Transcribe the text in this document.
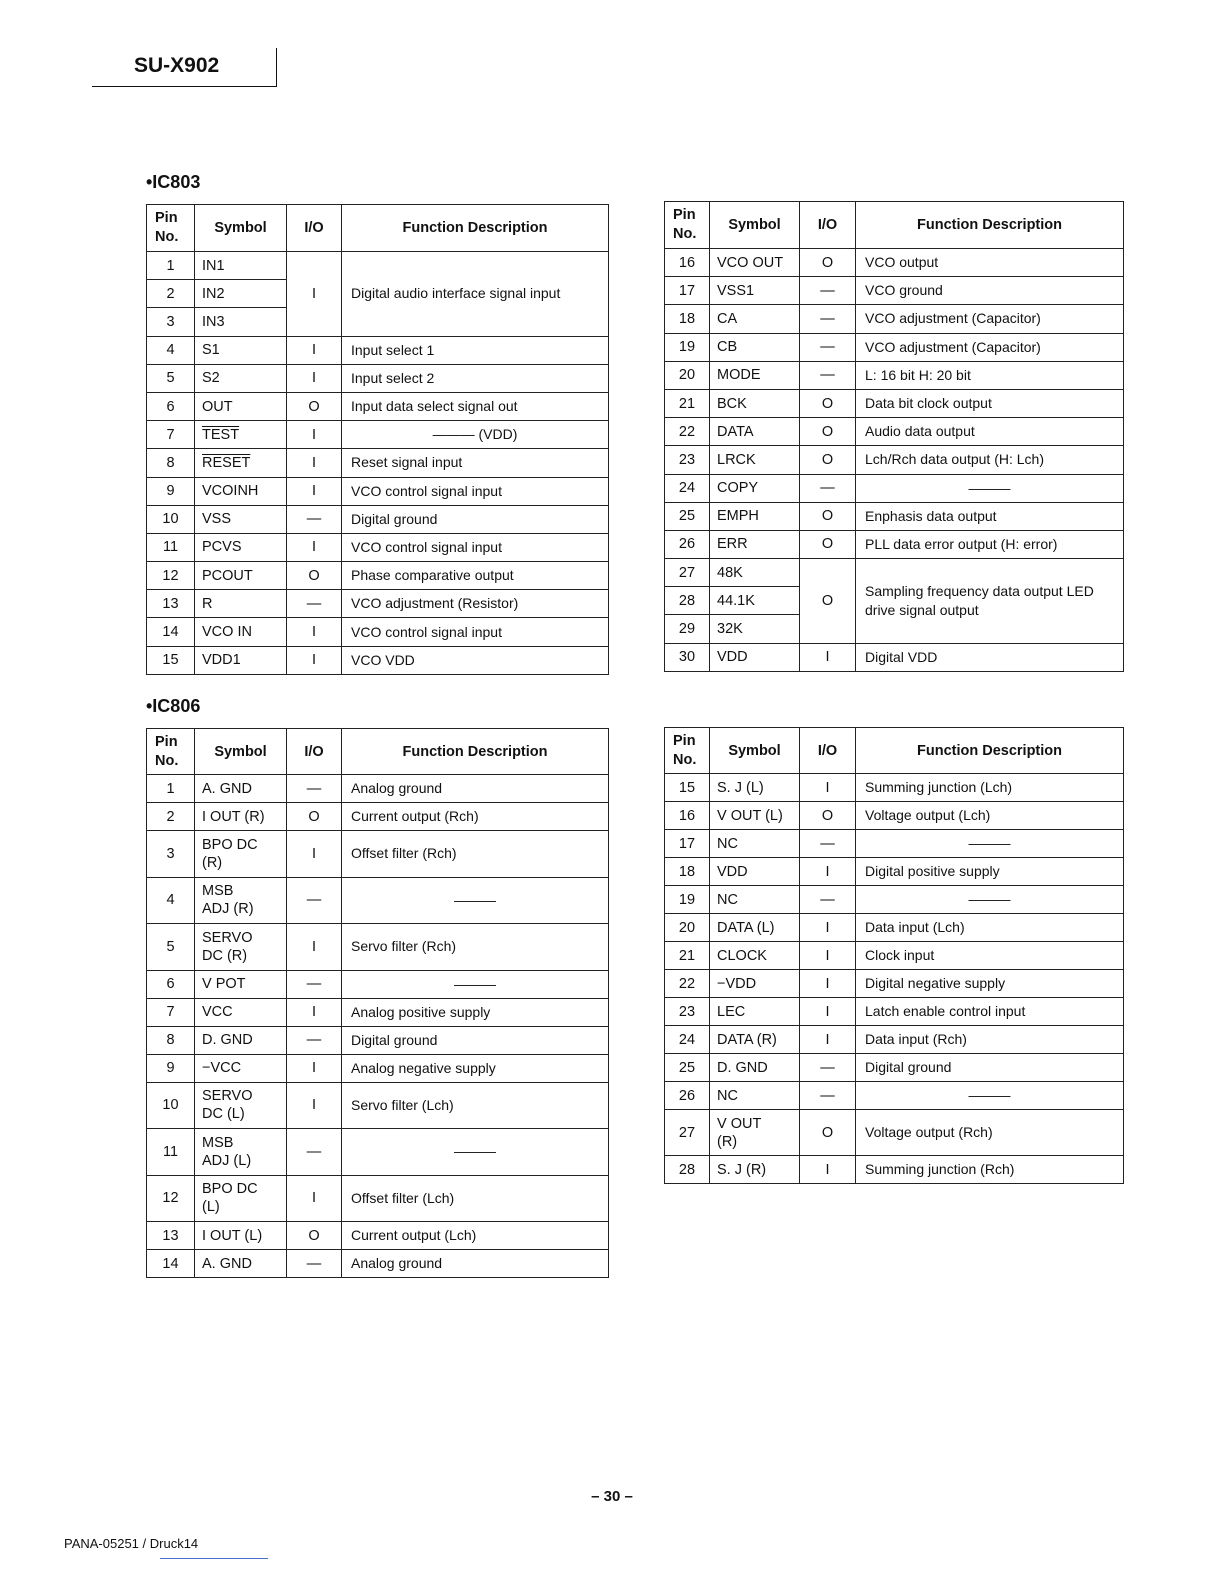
SU-X902
•IC803
Pin
No.	Symbol	I/O	Function Description
1	IN1	I	Digital audio interface signal input
2	IN2		
3	IN3		
4	S1	I	Input select 1
5	S2	I	Input select 2
6	OUT	O	Input data select signal out
7	TEST	I	——— (VDD)
8	RESET	I	Reset signal input
9	VCOINH	I	VCO control signal input
10	VSS	—	Digital ground
11	PCVS	I	VCO control signal input
12	PCOUT	O	Phase comparative output
13	R	—	VCO adjustment (Resistor)
14	VCO IN	I	VCO control signal input
15	VDD1	I	VCO VDD
Pin
No.	Symbol	I/O	Function Description
16	VCO OUT	O	VCO output
17	VSS1	—	VCO ground
18	CA	—	VCO adjustment (Capacitor)
19	CB	—	VCO adjustment (Capacitor)
20	MODE	—	L: 16 bit H: 20 bit
21	BCK	O	Data bit clock output
22	DATA	O	Audio data output
23	LRCK	O	Lch/Rch data output (H: Lch)
24	COPY	—	———
25	EMPH	O	Enphasis data output
26	ERR	O	PLL data error output (H: error)
27	48K	O	Sampling frequency data output LED drive signal output
28	44.1K		
29	32K		
30	VDD	I	Digital VDD
•IC806
Pin
No.	Symbol	I/O	Function Description
1	A. GND	—	Analog ground
2	I OUT (R)	O	Current output (Rch)
3	BPO DC (R)	I	Offset filter (Rch)
4	MSB ADJ (R)	—	———
5	SERVO DC (R)	I	Servo filter (Rch)
6	V POT	—	———
7	VCC	I	Analog positive supply
8	D. GND	—	Digital ground
9	−VCC	I	Analog negative supply
10	SERVO DC (L)	I	Servo filter (Lch)
11	MSB ADJ (L)	—	———
12	BPO DC (L)	I	Offset filter (Lch)
13	I OUT (L)	O	Current output (Lch)
14	A. GND	—	Analog ground
Pin
No.	Symbol	I/O	Function Description
15	S. J (L)	I	Summing junction (Lch)
16	V OUT (L)	O	Voltage output (Lch)
17	NC	—	———
18	VDD	I	Digital positive supply
19	NC	—	———
20	DATA (L)	I	Data input (Lch)
21	CLOCK	I	Clock input
22	−VDD	I	Digital negative supply
23	LEC	I	Latch enable control input
24	DATA (R)	I	Data input (Rch)
25	D. GND	—	Digital ground
26	NC	—	———
27	V OUT (R)	O	Voltage output (Rch)
28	S. J (R)	I	Summing junction (Rch)
– 30 –
PANA-05251 / Druck14
